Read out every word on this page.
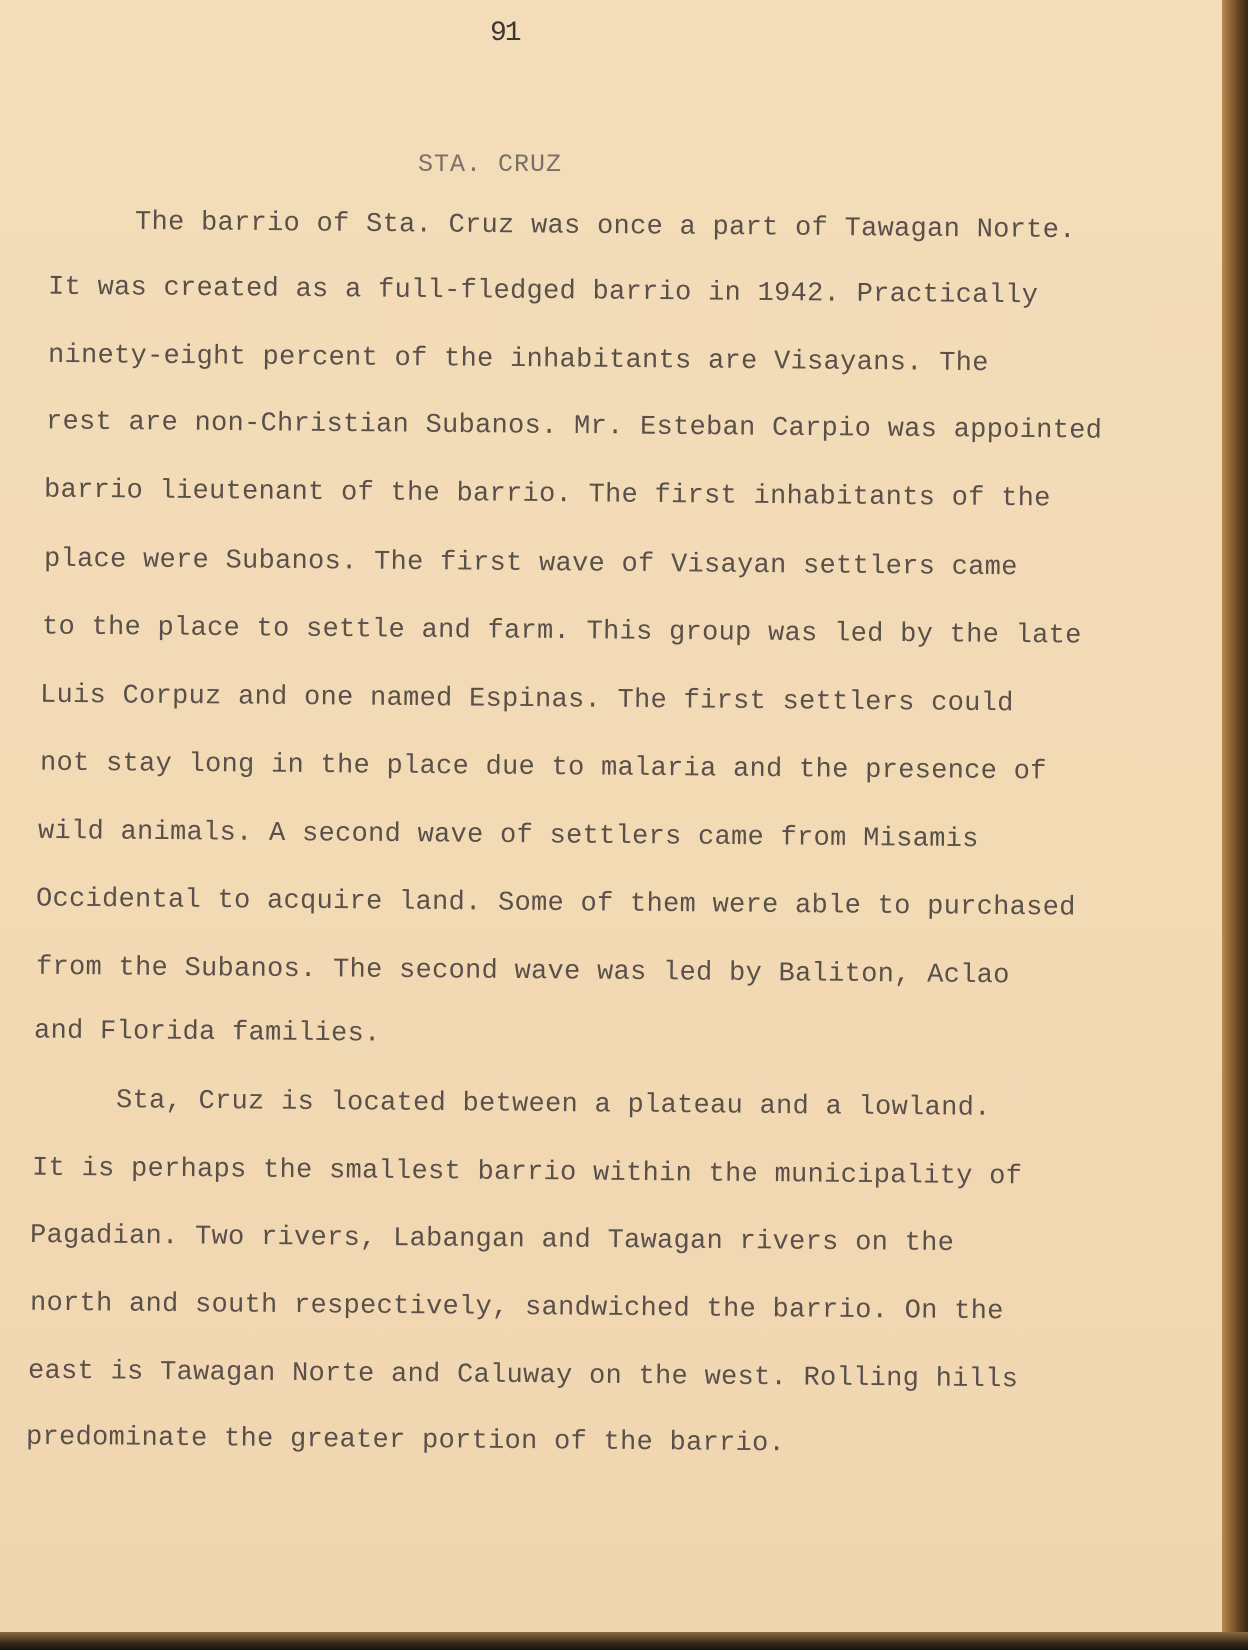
91
STA. CRUZ
The barrio of Sta. Cruz was once a part of Tawagan Norte.
It was created as a full-fledged barrio in 1942. Practically
ninety-eight percent of the inhabitants are Visayans. The
rest are non-Christian Subanos. Mr. Esteban Carpio was appointed
barrio lieutenant of the barrio. The first inhabitants of the
place were Subanos. The first wave of Visayan settlers came
to the place to settle and farm. This group was led by the late
Luis Corpuz and one named Espinas. The first settlers could
not stay long in the place due to malaria and the presence of
wild animals. A second wave of settlers came from Misamis
Occidental to acquire land. Some of them were able to purchased
from the Subanos. The second wave was led by Baliton, Aclao
and Florida families.
Sta, Cruz is located between a plateau and a lowland.
It is perhaps the smallest barrio within the municipality of
Pagadian. Two rivers, Labangan and Tawagan rivers on the
north and south respectively, sandwiched the barrio. On the
east is Tawagan Norte and Caluway on the west. Rolling hills
predominate the greater portion of the barrio.
